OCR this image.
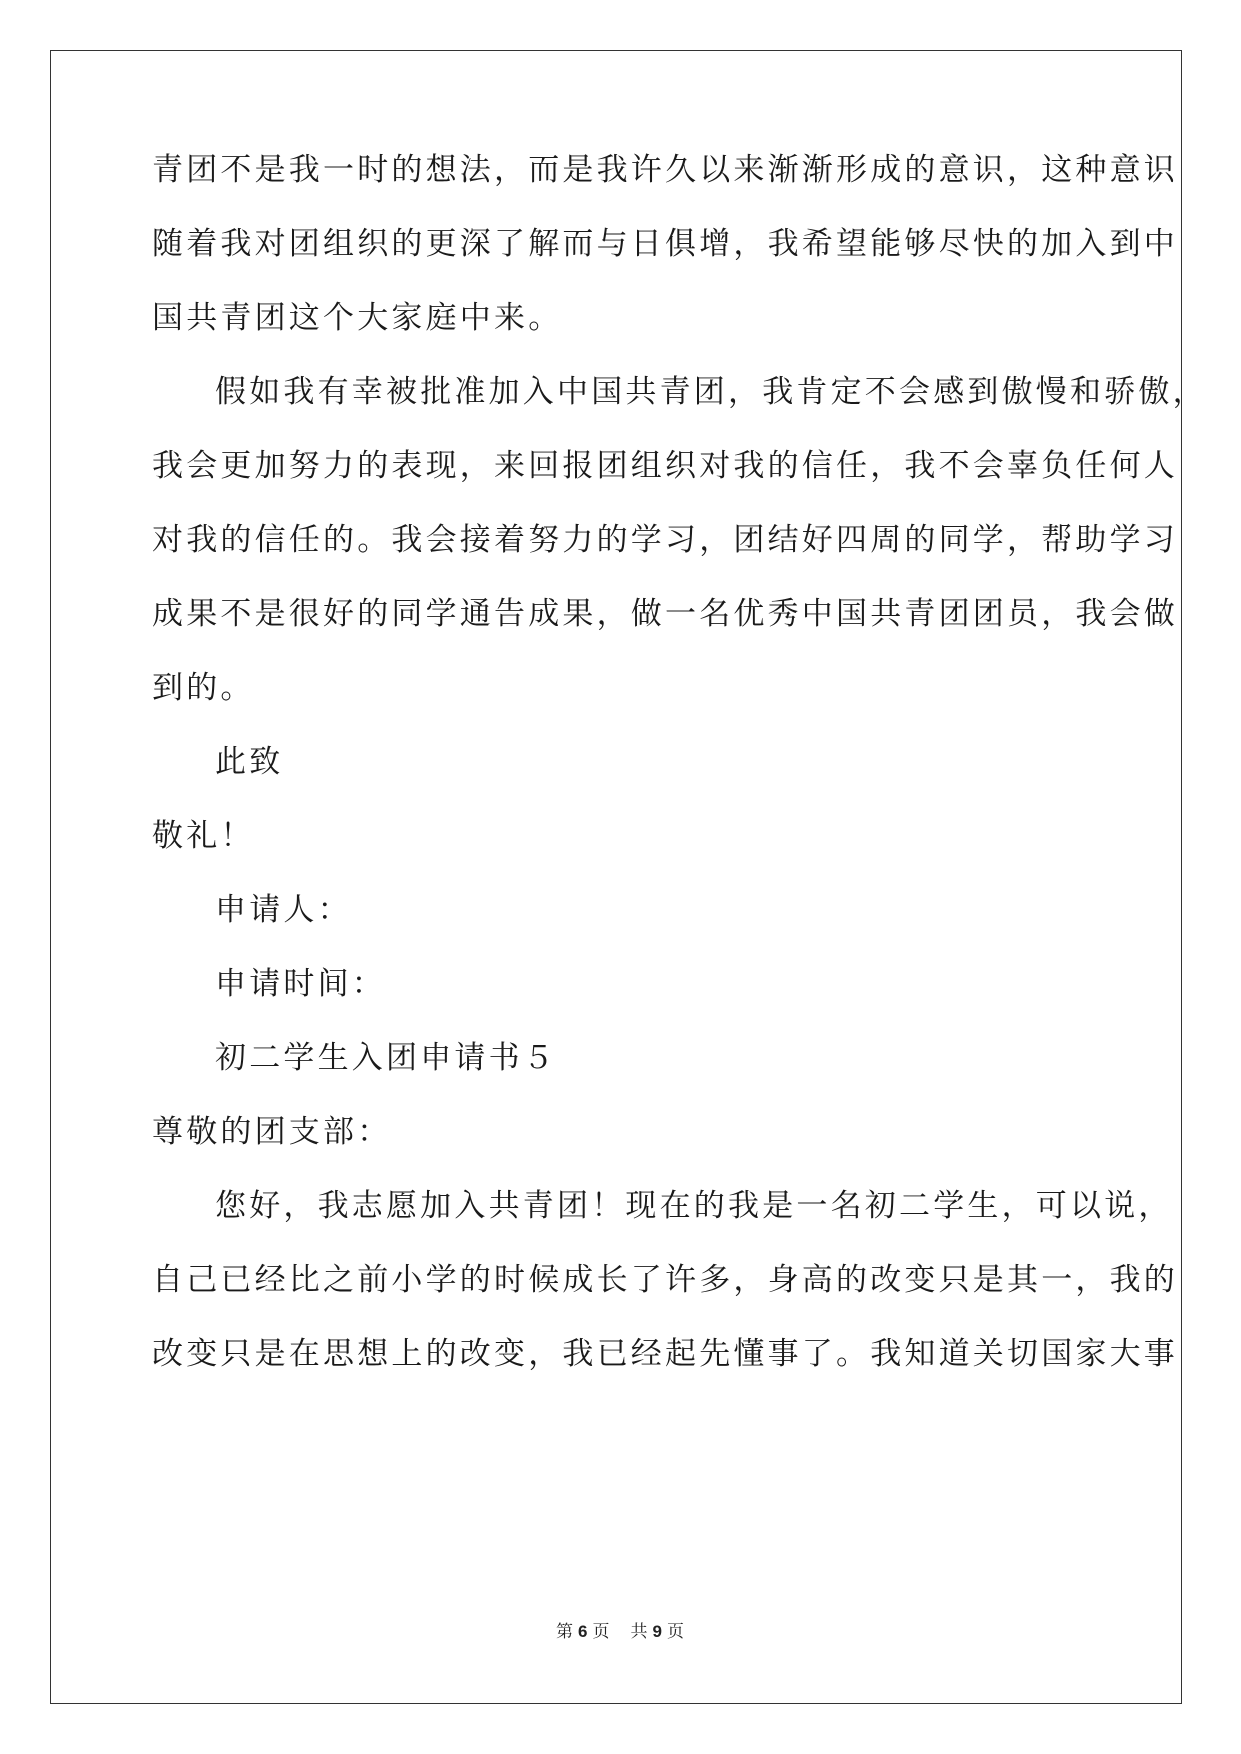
青团不是我一时的想法，而是我许久以来渐渐形成的意识，这种意识
随着我对团组织的更深了解而与日俱增，我希望能够尽快的加入到中
国共青团这个大家庭中来。
假如我有幸被批准加入中国共青团，我肯定不会感到傲慢和骄傲，
我会更加努力的表现，来回报团组织对我的信任，我不会辜负任何人
对我的信任的。我会接着努力的学习，团结好四周的同学，帮助学习
成果不是很好的同学通告成果，做一名优秀中国共青团团员，我会做
到的。
此致
敬礼！
申请人：
申请时间：
初二学生入团申请书５
尊敬的团支部：
您好，我志愿加入共青团！现在的我是一名初二学生，可以说，
自己已经比之前小学的时候成长了许多，身高的改变只是其一，我的
改变只是在思想上的改变，我已经起先懂事了。我知道关切国家大事
第 6 页 共 9 页
